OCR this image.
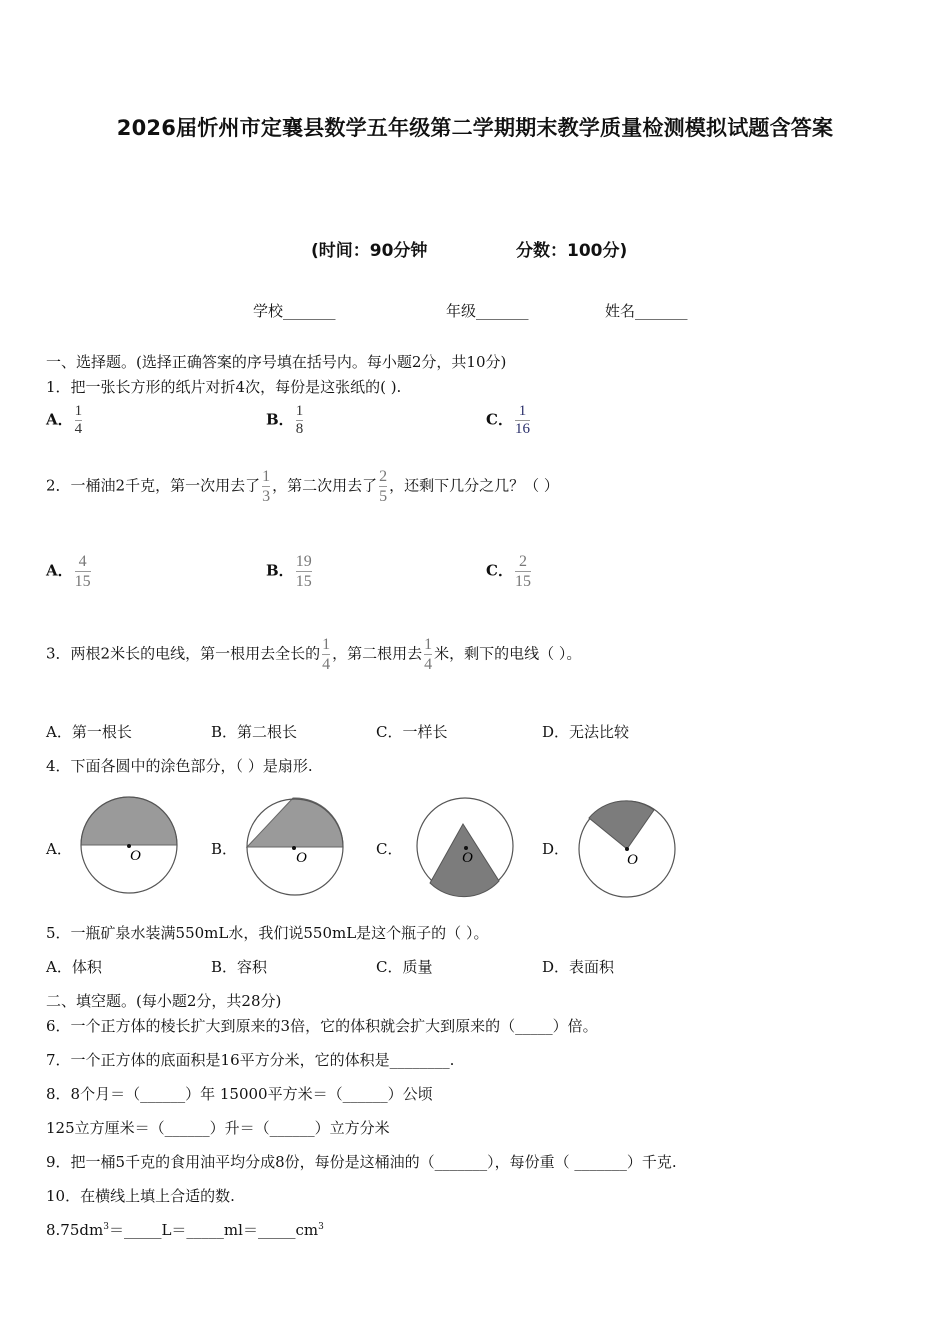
2026届忻州市定襄县数学五年级第二学期期末教学质量检测模拟试题含答案
(时间：90分钟	分数：100分)
学校_______	年级_______	姓名_______
一、选择题。(选择正确答案的序号填在括号内。每小题2分，共10分)
1．把一张长方形的纸片对折4次，每份是这张纸的( ).
A． $\frac{1}{4}$	B． $\frac{1}{8}$	C． $\frac{1}{16}$
2．一桶油2千克，第一次用去了 $\frac{1}{3}$ ，第二次用去了 $\frac{2}{5}$ ，还剩下几分之几？（ ）
A． $\frac{4}{15}$	B． $\frac{19}{15}$	C． $\frac{2}{15}$
3．两根2米长的电线，第一根用去全长的 $\frac{1}{4}$ ，第二根用去 $\frac{1}{4}$ 米，剩下的电线（ ）。
A．第一根长	B．第二根长	C．一样长	D．无法比较
4．下面各圆中的涂色部分，（ ）是扇形.
A．	B．	C．	D．
O	O	O	O
5．一瓶矿泉水装满550mL水，我们说550mL是这个瓶子的（ ）。
A．体积	B．容积	C．质量	D．表面积
二、填空题。(每小题2分，共28分)
6．一个正方体的棱长扩大到原来的3倍，它的体积就会扩大到原来的（_____）倍。
7．一个正方体的底面积是16平方分米，它的体积是________.
8．8个月＝（______）年 15000平方米＝（______）公顷
125立方厘米＝（______）升＝（______）立方分米
9．把一桶5千克的食用油平均分成8份，每份是这桶油的（_______），每份重（ _______）千克.
10．在横线上填上合适的数.
$8.75dm^3=\_\_\_\_\_L=\_\_\_\_\_ml=\_\_\_\_\_cm^3$
